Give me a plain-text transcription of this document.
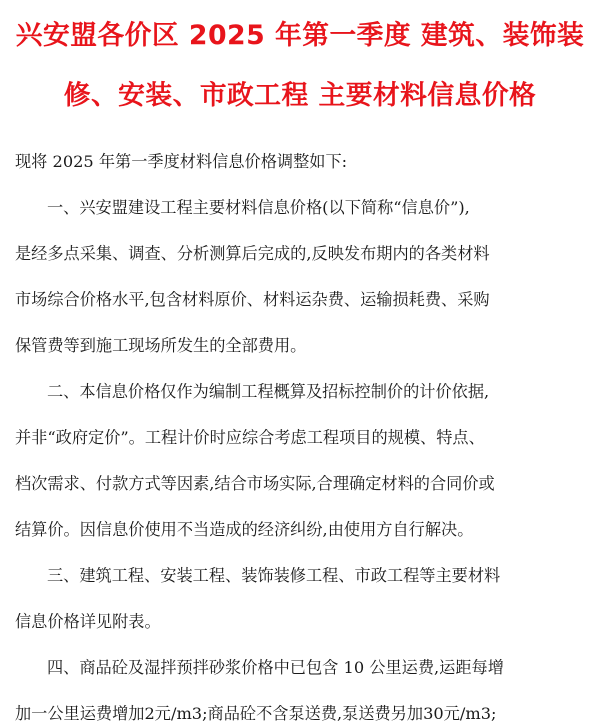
兴安盟各价区 2025 年第一季度 建筑、装饰装
修、安装、市政工程 主要材料信息价格
现将 2025 年第一季度材料信息价格调整如下:
一、兴安盟建设工程主要材料信息价格(以下简称“信息价”),
是经多点采集、调查、分析测算后完成的,反映发布期内的各类材料
市场综合价格水平,包含材料原价、材料运杂费、运输损耗费、采购
保管费等到施工现场所发生的全部费用。
二、本信息价格仅作为编制工程概算及招标控制价的计价依据,
并非“政府定价”。工程计价时应综合考虑工程项目的规模、特点、
档次需求、付款方式等因素,结合市场实际,合理确定材料的合同价或
结算价。因信息价使用不当造成的经济纠纷,由使用方自行解决。
三、建筑工程、安装工程、装饰装修工程、市政工程等主要材料
信息价格详见附表。
四、商品砼及湿拌预拌砂浆价格中已包含 10 公里运费,运距每增
加一公里运费增加2元/m3;商品砼不含泵送费,泵送费另加30元/m3;
